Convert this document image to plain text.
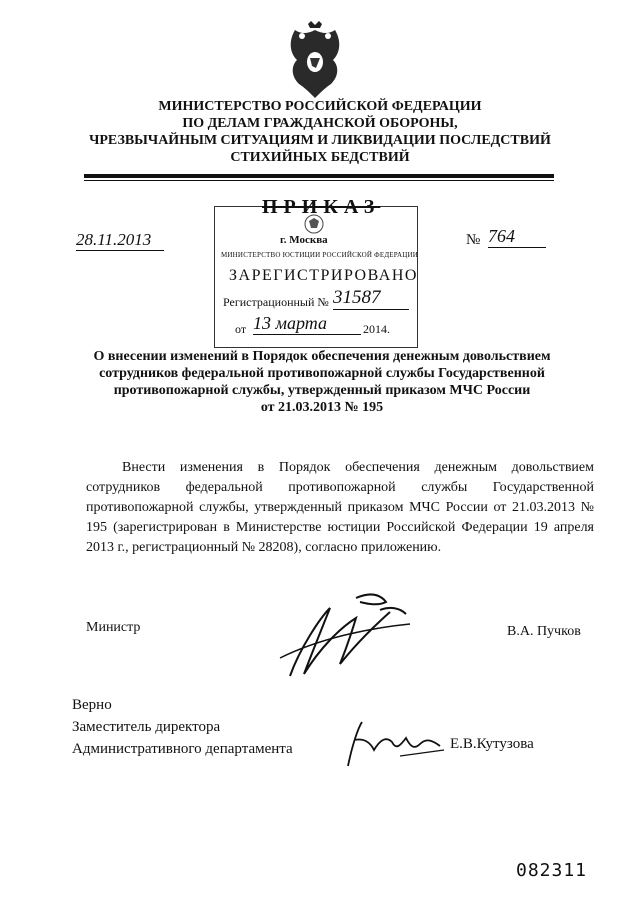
МИНИСТЕРСТВО РОССИЙСКОЙ ФЕДЕРАЦИИ
ПО ДЕЛАМ ГРАЖДАНСКОЙ ОБОРОНЫ,
ЧРЕЗВЫЧАЙНЫМ СИТУАЦИЯМ И ЛИКВИДАЦИИ ПОСЛЕДСТВИЙ
СТИХИЙНЫХ БЕДСТВИЙ
МИНИСТЕРСТВО ЮСТИЦИИ РОССИЙСКОЙ ФЕДЕРАЦИИ
ЗАРЕГИСТРИРОВАНО
Регистрационный № 31587
от 13 марта	2014.
ПРИКАЗ
г. Москва
28.11.2013	№ 764
О внесении изменений в Порядок обеспечения денежным довольствием
сотрудников федеральной противопожарной службы Государственной
противопожарной службы, утвержденный приказом МЧС России
от 21.03.2013 № 195
Внести изменения в Порядок обеспечения денежным довольствием сотрудников федеральной противопожарной службы Государственной противопожарной службы, утвержденный приказом МЧС России от 21.03.2013 № 195 (зарегистрирован в Министерстве юстиции Российской Федерации 19 апреля 2013 г., регистрационный № 28208), согласно приложению.
Министр	В.А. Пучков
Верно
Заместитель директора
Административного департамента	Е.В.Кутузова
082311
